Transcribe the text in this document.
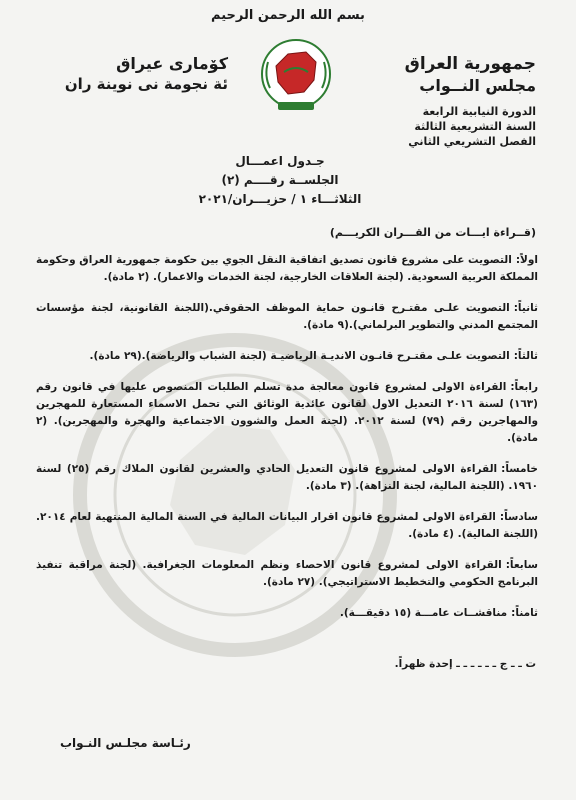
بسم الله الرحمن الرحيم
جمهورية العراق
مجلس النــواب
كۆماری عیراق
ئة نجومة نى نوينة ران
الدورة النيابية الرابعة
السنة التشريعية الثالثة
الفصل التشريعي الثاني
جـدول اعمـــال
الجلســة رقــــم (٢)
الثلاثـــاء ١ / حزيـــران/٢٠٢١
(قــراءة ايـــات من القـــران الكريـــم)
اولاً:التصويت على مشروع قانون تصديق اتفاقية النقل الجوي بين حكومة جمهورية العراق وحكومة المملكة العربية السعودية. (لجنة العلاقات الخارجية، لجنة الخدمات والاعمار). (٢ مادة).
ثانياً:التصويت علـى مقتـرح قانـون حماية الموظف الحقوقي.(اللجنة القانونية، لجنة مؤسسات المجتمع المدني والتطوير البرلماني).(٩ مادة).
ثالثاً:التصويت علـى مقتـرح قانـون الانديـة الرياضيـة (لجنة الشباب والرياضة).(٢٩ مادة).
رابعاً:القراءة الاولى لمشروع قانون معالجة مدة تسلم الطلبات المنصوص عليها في قانون رقم (١٦٣) لسنة ٢٠١٦ التعديل الاول لقانون عائدية الوثائق التي تحمل الاسماء المستعارة للمهجرين والمهاجرين رقم (٧٩) لسنة ٢٠١٢. (لجنة العمل والشوون الاجتماعية والهجرة والمهجرين). (٢ مادة).
خامساً:القراءة الاولى لمشروع قانون التعديل الحادي والعشرين لقانون الملاك رقم (٢٥) لسنة ١٩٦٠. (اللجنة المالية، لجنة النزاهة). (٣ مادة).
سادساً:القراءة الاولى لمشروع قانون اقرار البيانات المالية في السنة المالية المنتهية لعام ٢٠١٤. (اللجنة المالية). (٤ مادة).
سابعاً:القراءة الاولى لمشروع قانون الاحصاء ونظم المعلومات الجغرافية. (لجنة مراقبة تنفيذ البرنامج الحكومي والتخطيط الاستراتيجي). (٢٧ مادة).
ثامناً:مناقشــات عامـــة (١٥ دقيقـــة).
ت ـ ـ ج ـ ـ ـ ـ ـ ـ إحدة ظهراً.
رئـاسة مجلـس النـواب
